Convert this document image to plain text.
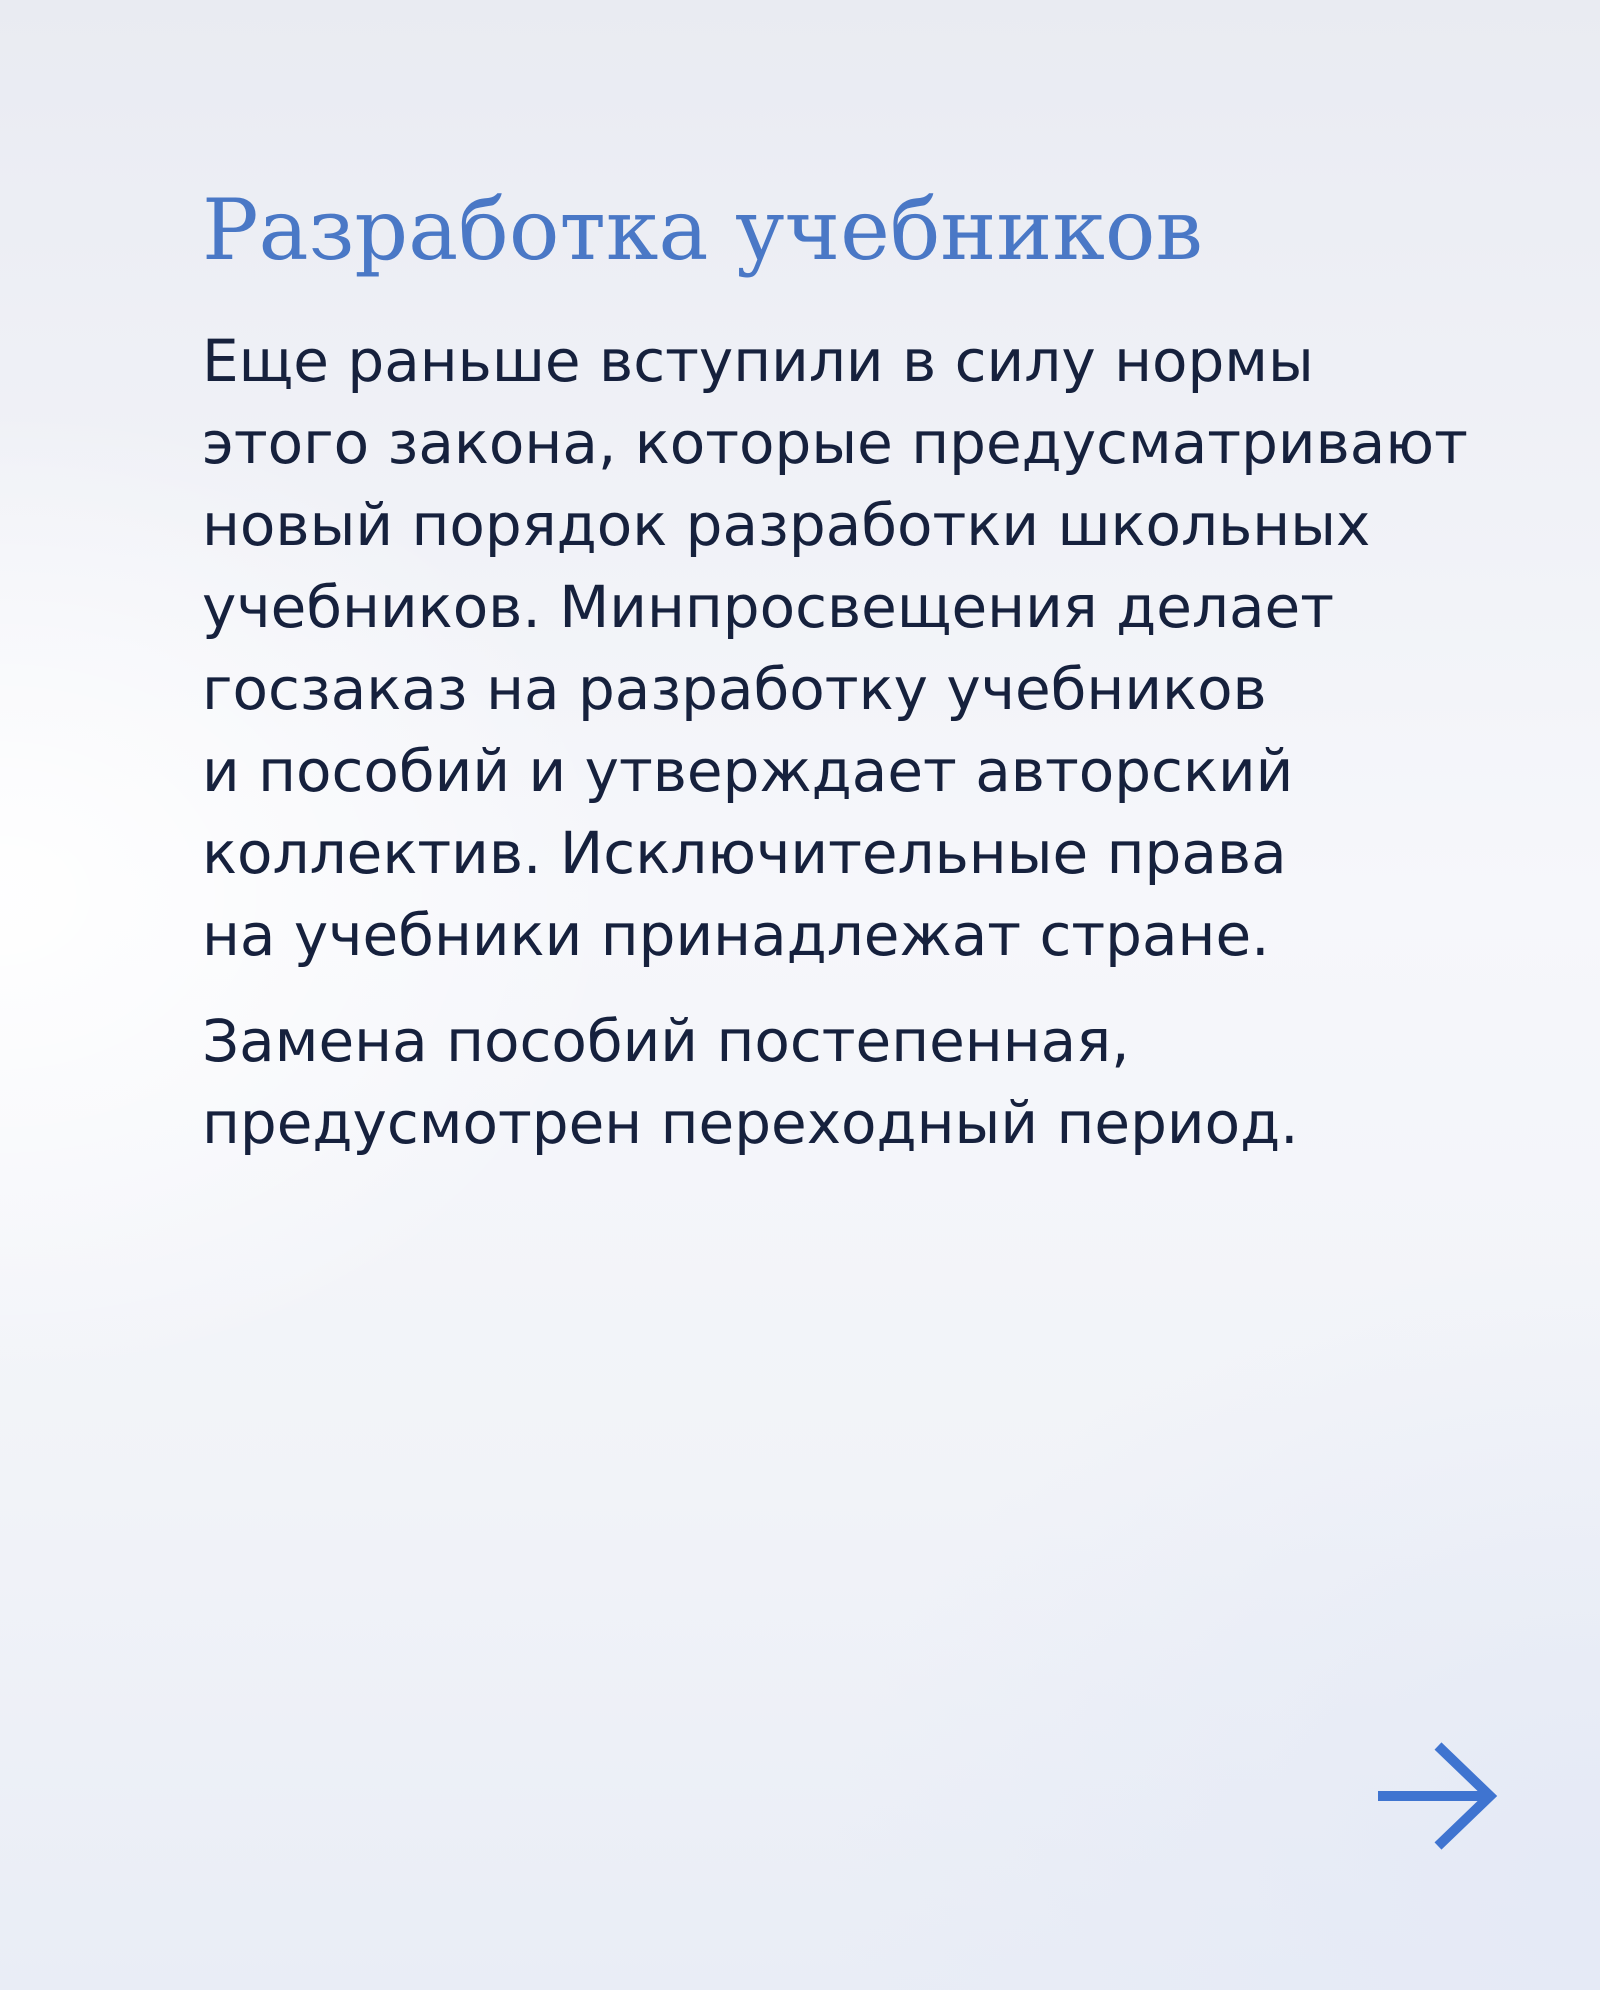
Разработка учебников

Еще раньше вступили в силу нормы
этого закона, которые предусматривают
новый порядок разработки школьных
учебников. Минпросвещения делает
госзаказ на разработку учебников
и пособий и утверждает авторский
коллектив. Исключительные права
на учебники принадлежат стране.

Замена пособий постепенная,
предусмотрен переходный период.
